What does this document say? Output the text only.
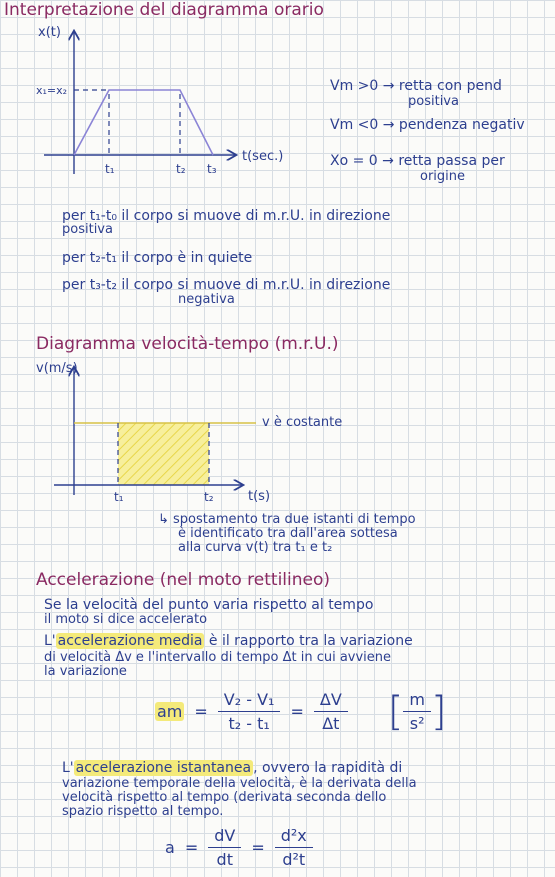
Interpretazione del diagramma orario
x(t)
x₁=x₂
t₁	t₂ t₃
t(sec.)
Vm >0 → retta con pend
positiva
Vm <0 → pendenza negativ
Xo = 0 → retta passa per
origine
per t₁-t₀ il corpo si muove di m.r.U. in direzione
positiva
per t₂-t₁ il corpo è in quiete
per t₃-t₂ il corpo si muove di m.r.U. in direzione
negativa
Diagramma velocità-tempo (m.r.U.)
v(m/s)
t₁	t₂	t(s)
v è costante
↳ spostamento tra due istanti di tempo
è identificato tra dall'area sottesa
alla curva v(t) tra t₁ e t₂
Accelerazione (nel moto rettilineo)
Se la velocità del punto varia rispetto al tempo
il moto si dice accelerato
L' accelerazione media è il rapporto tra la variazione
di velocità Δv e l'intervallo di tempo Δt in cui avviene
la variazione
am = $\frac{\text{V₂ - V₁}}{\text{t₂ - t₁}} = \frac{\Delta V}{\Delta t}$ [ $\frac{m}{\text{s²}}$ ]
L' accelerazione istantanea , ovvero la rapidità di
variazione temporale della velocità, è la derivata della
velocità rispetto al tempo (derivata seconda dello
spazio rispetto al tempo.
$a = \frac{dV}{dt} = \frac{\text{d²x}}{\text{d²t}}$
